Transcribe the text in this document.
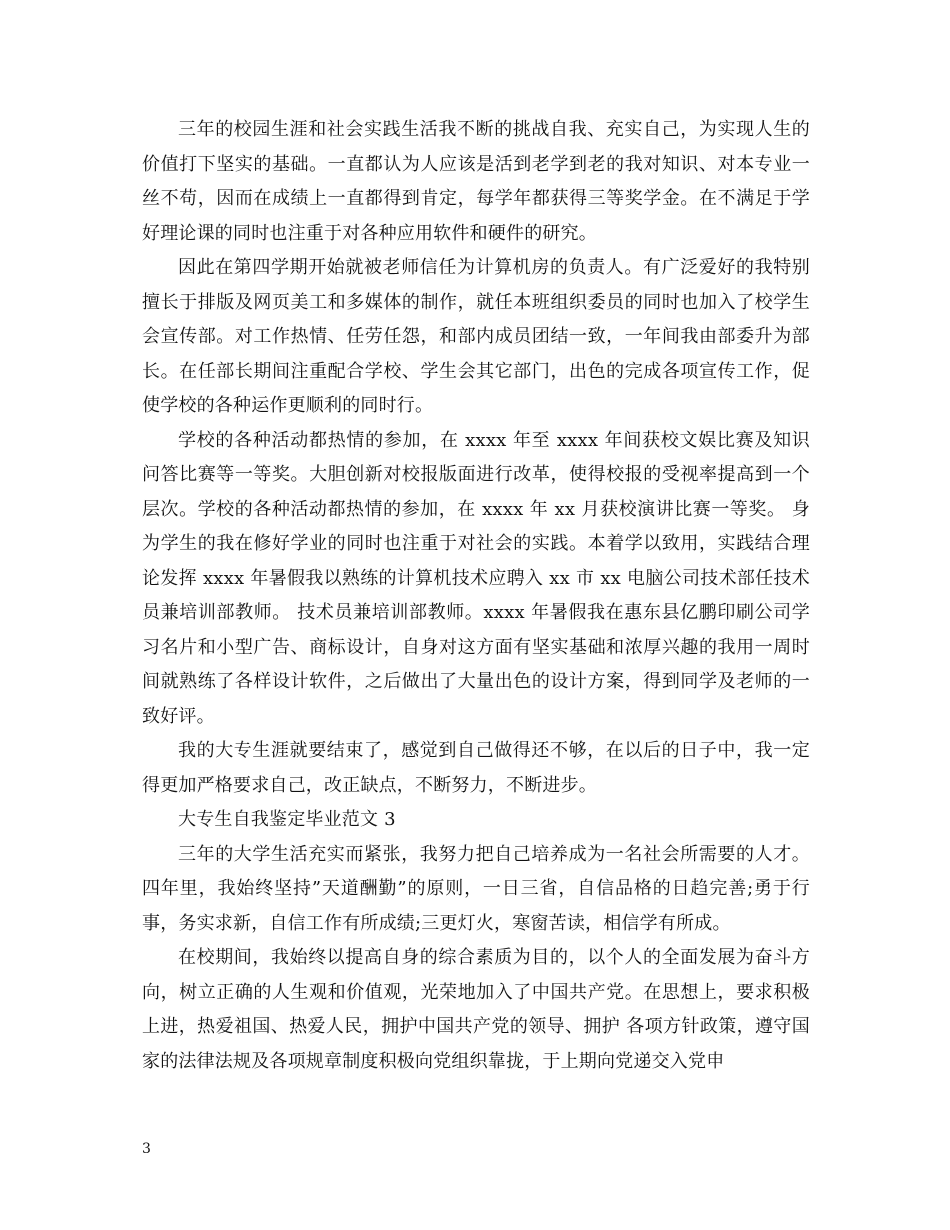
三年的校园生涯和社会实践生活我不断的挑战自我、充实自己，为实现人生的价值打下坚实的基础。一直都认为人应该是活到老学到老的我对知识、对本专业一丝不苟，因而在成绩上一直都得到肯定，每学年都获得三等奖学金。在不满足于学好理论课的同时也注重于对各种应用软件和硬件的研究。

因此在第四学期开始就被老师信任为计算机房的负责人。有广泛爱好的我特别擅长于排版及网页美工和多媒体的制作，就任本班组织委员的同时也加入了校学生会宣传部。对工作热情、任劳任怨，和部内成员团结一致，一年间我由部委升为部长。在任部长期间注重配合学校、学生会其它部门，出色的完成各项宣传工作，促使学校的各种运作更顺利的同时行。

学校的各种活动都热情的参加，在 xxxx 年至 xxxx 年间获校文娱比赛及知识问答比赛等一等奖。大胆创新对校报版面进行改革，使得校报的受视率提高到一个层次。学校的各种活动都热情的参加，在 xxxx 年 xx 月获校演讲比赛一等奖。 身为学生的我在修好学业的同时也注重于对社会的实践。本着学以致用，实践结合理论发挥 xxxx 年暑假我以熟练的计算机技术应聘入 xx 市 xx 电脑公司技术部任技术员兼培训部教师。 技术员兼培训部教师。xxxx 年暑假我在惠东县亿鹏印刷公司学习名片和小型广告、商标设计，自身对这方面有坚实基础和浓厚兴趣的我用一周时间就熟练了各样设计软件，之后做出了大量出色的设计方案，得到同学及老师的一致好评。

我的大专生涯就要结束了，感觉到自己做得还不够，在以后的日子中，我一定得更加严格要求自己，改正缺点，不断努力，不断进步。

大专生自我鉴定毕业范文 3

三年的大学生活充实而紧张，我努力把自己培养成为一名社会所需要的人才。四年里，我始终坚持”天道酬勤”的原则，一日三省，自信品格的日趋完善;勇于行事，务实求新，自信工作有所成绩;三更灯火，寒窗苦读，相信学有所成。

在校期间，我始终以提高自身的综合素质为目的，以个人的全面发展为奋斗方向，树立正确的人生观和价值观，光荣地加入了中国共产党。在思想上，要求积极上进，热爱祖国、热爱人民，拥护中国共产党的领导、拥护 各项方针政策，遵守国家的法律法规及各项规章制度积极向党组织靠拢，于上期向党递交入党申

3
